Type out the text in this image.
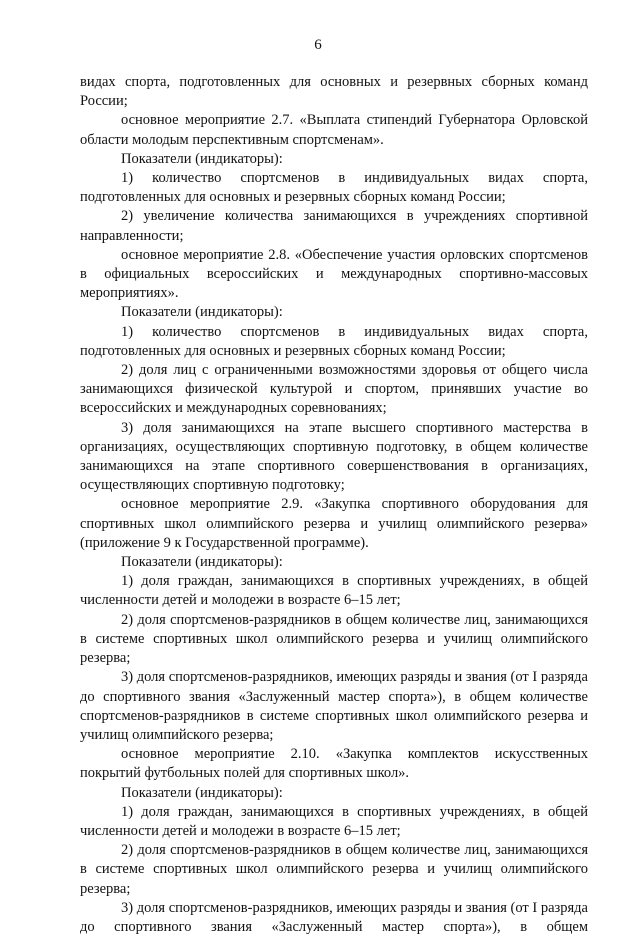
6

видах спорта, подготовленных для основных и резервных сборных команд России;

основное мероприятие 2.7. «Выплата стипендий Губернатора Орловской области молодым перспективным спортсменам».

Показатели (индикаторы):

1) количество спортсменов в индивидуальных видах спорта, подготовленных для основных и резервных сборных команд России;

2) увеличение количества занимающихся в учреждениях спортивной направленности;

основное мероприятие 2.8. «Обеспечение участия орловских спортсменов в официальных всероссийских и международных спортивно-массовых мероприятиях».

Показатели (индикаторы):

1) количество спортсменов в индивидуальных видах спорта, подготовленных для основных и резервных сборных команд России;

2) доля лиц с ограниченными возможностями здоровья от общего числа занимающихся физической культурой и спортом, принявших участие во всероссийских и международных соревнованиях;

3) доля занимающихся на этапе высшего спортивного мастерства в организациях, осуществляющих спортивную подготовку, в общем количестве занимающихся на этапе спортивного совершенствования в организациях, осуществляющих спортивную подготовку;

основное мероприятие 2.9. «Закупка спортивного оборудования для спортивных школ олимпийского резерва и училищ олимпийского резерва» (приложение 9 к Государственной программе).

Показатели (индикаторы):

1) доля граждан, занимающихся в спортивных учреждениях, в общей численности детей и молодежи в возрасте 6–15 лет;

2) доля спортсменов-разрядников в общем количестве лиц, занимающихся в системе спортивных школ олимпийского резерва и училищ олимпийского резерва;

3) доля спортсменов-разрядников, имеющих разряды и звания (от I разряда до спортивного звания «Заслуженный мастер спорта»), в общем количестве спортсменов-разрядников в системе спортивных школ олимпийского резерва и училищ олимпийского резерва;

основное мероприятие 2.10. «Закупка комплектов искусственных покрытий футбольных полей для спортивных школ».

Показатели (индикаторы):

1) доля граждан, занимающихся в спортивных учреждениях, в общей численности детей и молодежи в возрасте 6–15 лет;

2) доля спортсменов-разрядников в общем количестве лиц, занимающихся в системе спортивных школ олимпийского резерва и училищ олимпийского резерва;

3) доля спортсменов-разрядников, имеющих разряды и звания (от I разряда до спортивного звания «Заслуженный мастер спорта»), в общем
